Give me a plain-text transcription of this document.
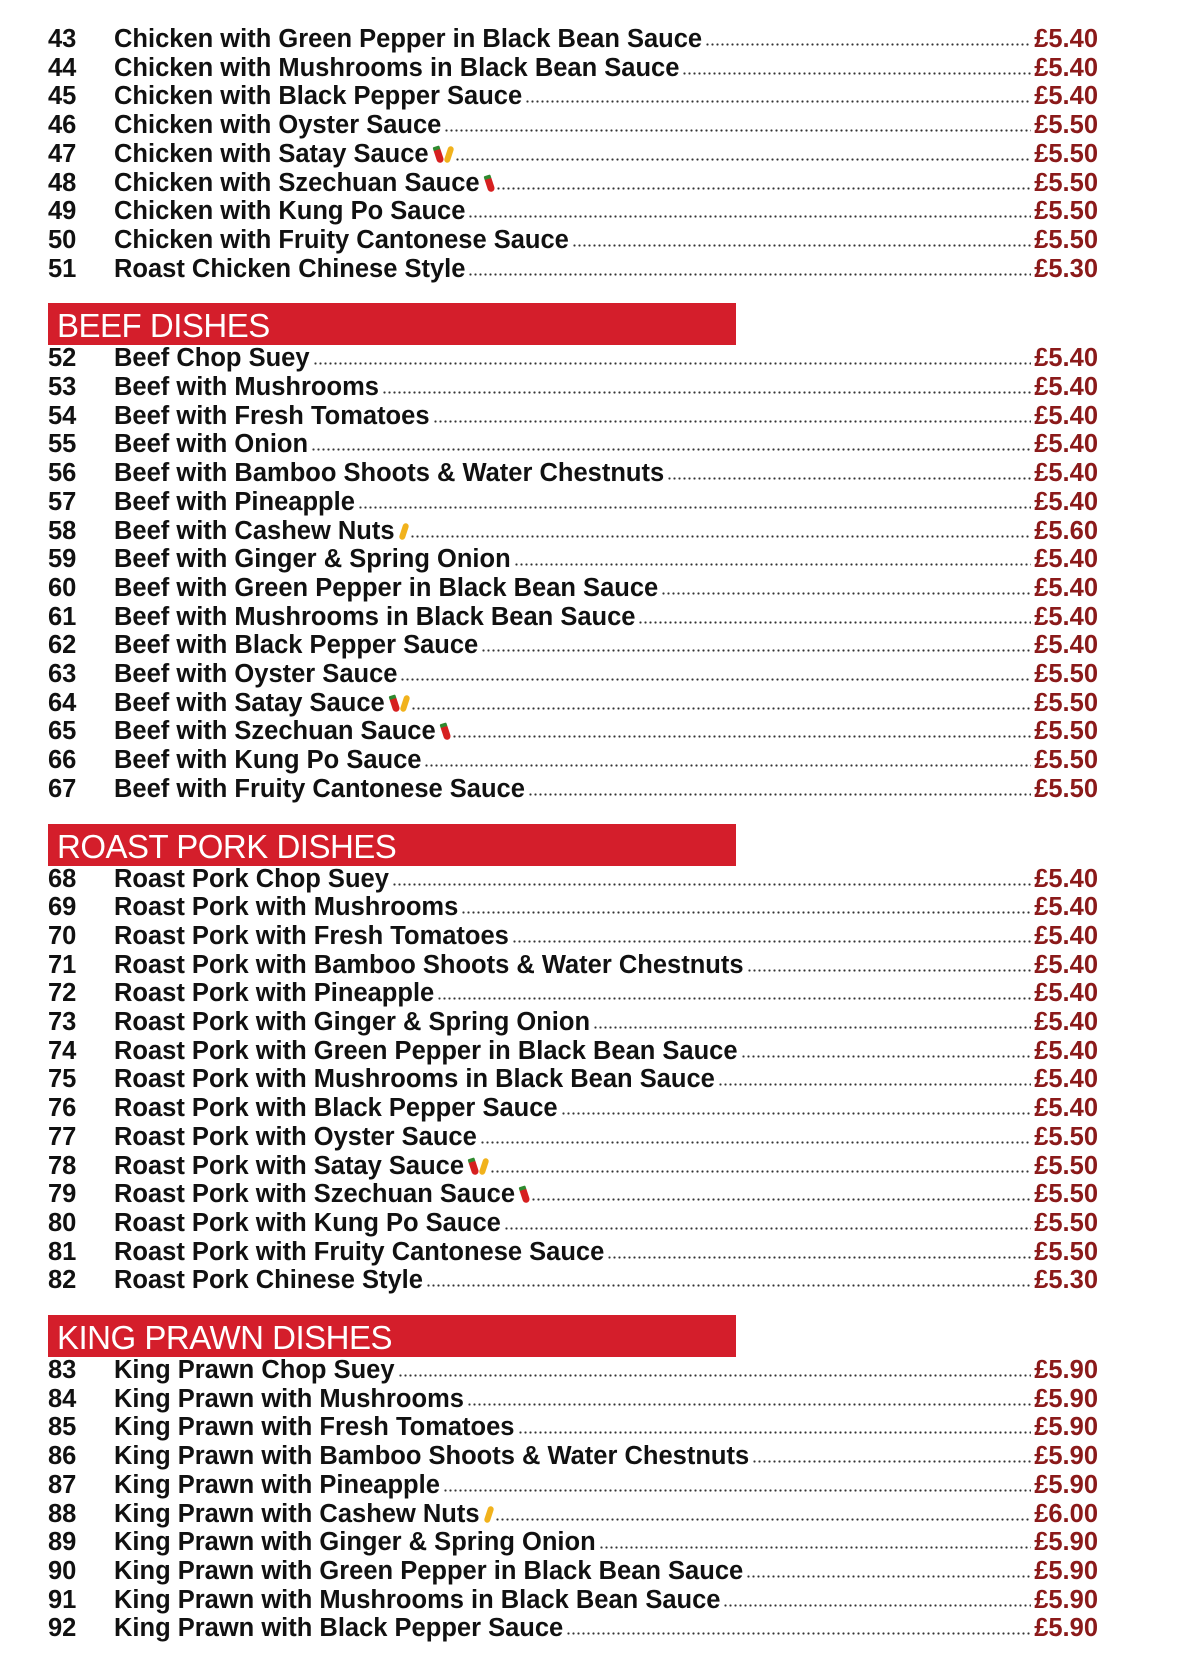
43	Chicken with Green Pepper in Black Bean Sauce	£5.40
44	Chicken with Mushrooms in Black Bean Sauce	£5.40
45	Chicken with Black Pepper Sauce	£5.40
46	Chicken with Oyster Sauce	£5.50
47	Chicken with Satay Sauce	£5.50
48	Chicken with Szechuan Sauce	£5.50
49	Chicken with Kung Po Sauce	£5.50
50	Chicken with Fruity Cantonese Sauce	£5.50
51	Roast Chicken Chinese Style	£5.30
BEEF DISHES
52	Beef Chop Suey	£5.40
53	Beef with Mushrooms	£5.40
54	Beef with Fresh Tomatoes	£5.40
55	Beef with Onion	£5.40
56	Beef with Bamboo Shoots & Water Chestnuts	£5.40
57	Beef with Pineapple	£5.40
58	Beef with Cashew Nuts	£5.60
59	Beef with Ginger & Spring Onion	£5.40
60	Beef with Green Pepper in Black Bean Sauce	£5.40
61	Beef with Mushrooms in Black Bean Sauce	£5.40
62	Beef with Black Pepper Sauce	£5.40
63	Beef with Oyster Sauce	£5.50
64	Beef with Satay Sauce	£5.50
65	Beef with Szechuan Sauce	£5.50
66	Beef with Kung Po Sauce	£5.50
67	Beef with Fruity Cantonese Sauce	£5.50
ROAST PORK DISHES
68	Roast Pork Chop Suey	£5.40
69	Roast Pork with Mushrooms	£5.40
70	Roast Pork with Fresh Tomatoes	£5.40
71	Roast Pork with Bamboo Shoots & Water Chestnuts	£5.40
72	Roast Pork with Pineapple	£5.40
73	Roast Pork with Ginger & Spring Onion	£5.40
74	Roast Pork with Green Pepper in Black Bean Sauce	£5.40
75	Roast Pork with Mushrooms in Black Bean Sauce	£5.40
76	Roast Pork with Black Pepper Sauce	£5.40
77	Roast Pork with Oyster Sauce	£5.50
78	Roast Pork with Satay Sauce	£5.50
79	Roast Pork with Szechuan Sauce	£5.50
80	Roast Pork with Kung Po Sauce	£5.50
81	Roast Pork with Fruity Cantonese Sauce	£5.50
82	Roast Pork Chinese Style	£5.30
KING PRAWN DISHES
83	King Prawn Chop Suey	£5.90
84	King Prawn with Mushrooms	£5.90
85	King Prawn with Fresh Tomatoes	£5.90
86	King Prawn with Bamboo Shoots & Water Chestnuts	£5.90
87	King Prawn with Pineapple	£5.90
88	King Prawn with Cashew Nuts	£6.00
89	King Prawn with Ginger & Spring Onion	£5.90
90	King Prawn with Green Pepper in Black Bean Sauce	£5.90
91	King Prawn with Mushrooms in Black Bean Sauce	£5.90
92	King Prawn with Black Pepper Sauce	£5.90
